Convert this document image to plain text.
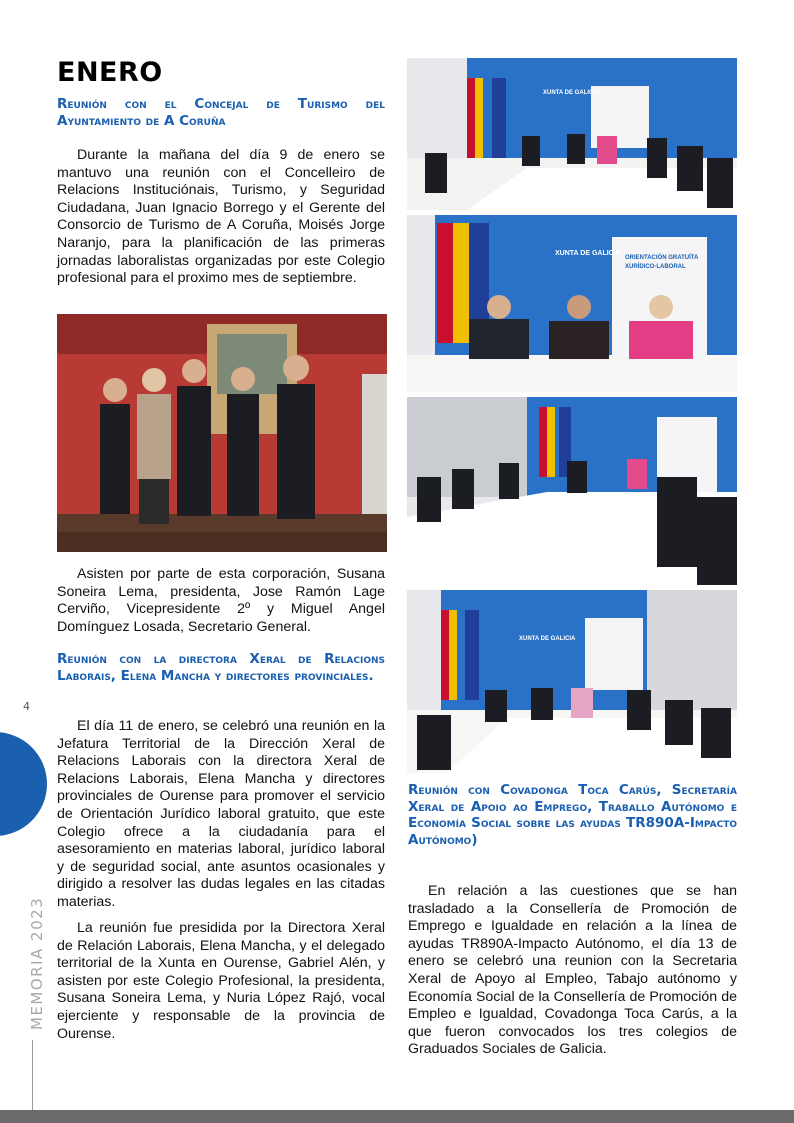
ENERO

Reunión con el Concejal de Turismo del Ayuntamiento de A Coruña

Durante la mañana del día 9 de enero se mantuvo una reunión con el Concelleiro de Relacions Instituciónais, Turismo, y Seguridad Ciudadana, Juan Ignacio Borrego y el Gerente del Consorcio de Turismo de A Coruña, Moisés Jorge Naranjo, para la planificación de las primeras jornadas laboralistas organizadas por este Colegio profesional para el proximo mes de septiembre.

Asisten por parte de esta corporación, Susana Soneira Lema, presidenta, Jose Ramón Lage Cerviño, Vicepresidente 2º y Miguel Angel Domínguez Losada, Secretario General.

Reunión con la directora Xeral de Relacions Laborais, Elena Mancha y directores provinciales.

El día 11 de enero, se celebró una reunión en la Jefatura Territorial de la Dirección Xeral de Relacions Laborais con la directora Xeral de Relacions Laborais, Elena Mancha y directores provinciales de Ourense para promover el servicio de Orientación Jurídico laboral gratuito, que este Colegio ofrece a la ciudadanía para el asesoramiento en materias laboral, jurídico laboral y de seguridad social, ante asuntos ocasionales y dirigido a resolver las dudas legales en las citadas materias.

La reunión fue presidida por la Directora Xeral de Relación Laborais, Elena Mancha, y el delegado territorial de la Xunta en Ourense, Gabriel Alén, y asisten por este Colegio Profesional, la presidenta, Susana Soneira Lema, y Nuria López Rajó, vocal ejerciente y responsable de la provincia de Ourense.

XUNTA DE GALICIA
ORIENTACIÓN GRATUÍTA
XURÍDICO-LABORAL
XUNTA DE GALICIA
XUNTA DE GALICIA

Reunión con Covadonga Toca Carús, Secretaría Xeral de Apoio ao Emprego, Traballo Autónomo e Economía Social sobre las ayudas TR890A-Impacto Autónomo)

En relación a las cuestiones que se han trasladado a la Consellería de Promoción de Emprego e Igualdade en relación a la línea de ayudas TR890A-Impacto Autónomo, el día 13 de enero se celebró una reunion con la Secretaria Xeral de Apoyo al Empleo, Tabajo autónomo y Economía Social de la Consellería de Promoción de Empleo e Igualdad, Covadonga Toca Carús, a la que fueron convocados los tres colegios de Graduados Sociales de Galicia.

4
MEMORIA 2023
